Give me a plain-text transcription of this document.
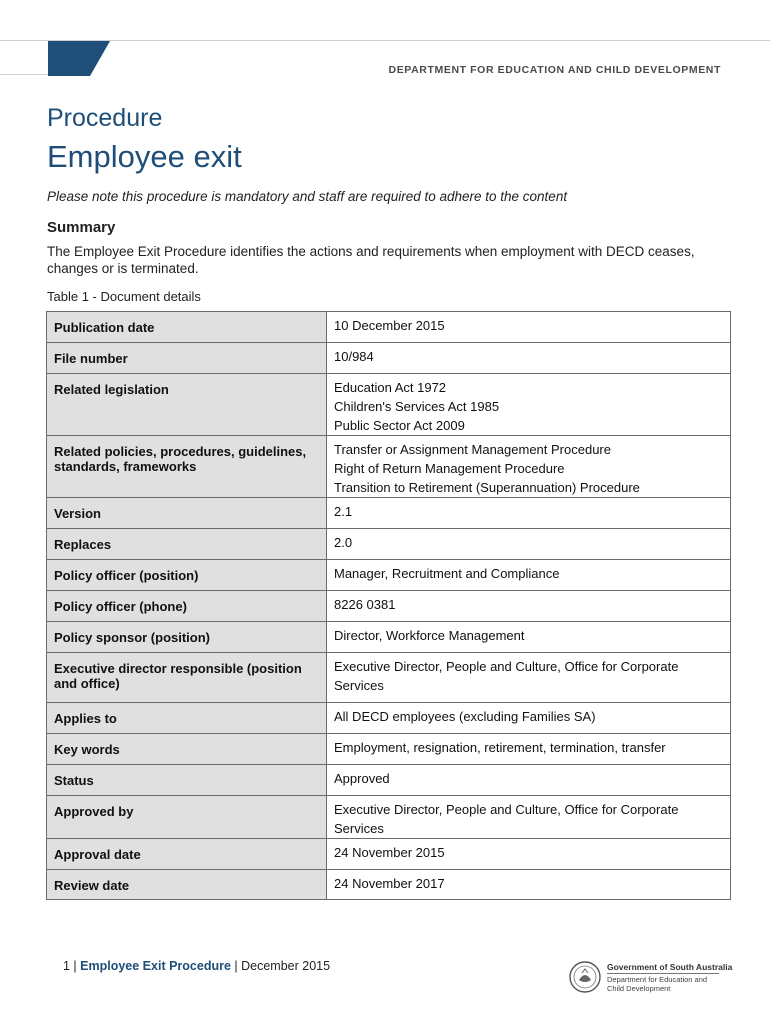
DEPARTMENT FOR EDUCATION AND CHILD DEVELOPMENT
Procedure
Employee exit
Please note this procedure is mandatory and staff are required to adhere to the content
Summary
The Employee Exit Procedure identifies the actions and requirements when employment with DECD ceases, changes or is terminated.
Table 1 - Document details
Publication date	10 December 2015

File number	10/984

Related legislation	Education Act 1972
Children's Services Act 1985
Public Sector Act 2009

Related policies, procedures, guidelines, standards, frameworks	Transfer or Assignment Management Procedure
Right of Return Management Procedure
Transition to Retirement (Superannuation) Procedure

Version	2.1

Replaces	2.0

Policy officer (position)	Manager, Recruitment and Compliance

Policy officer (phone)	8226 0381

Policy sponsor (position)	Director, Workforce Management

Executive director responsible (position and office)	Executive Director, People and Culture, Office for Corporate Services

Applies to	All DECD employees (excluding Families SA)

Key words	Employment, resignation, retirement, termination, transfer

Status	Approved

Approved by	Executive Director, People and Culture, Office for Corporate Services

Approval date	24 November 2015

Review date	24 November 2017
1 | Employee Exit Procedure | December 2015	Government of South Australia
Department for Education and
Child Development
